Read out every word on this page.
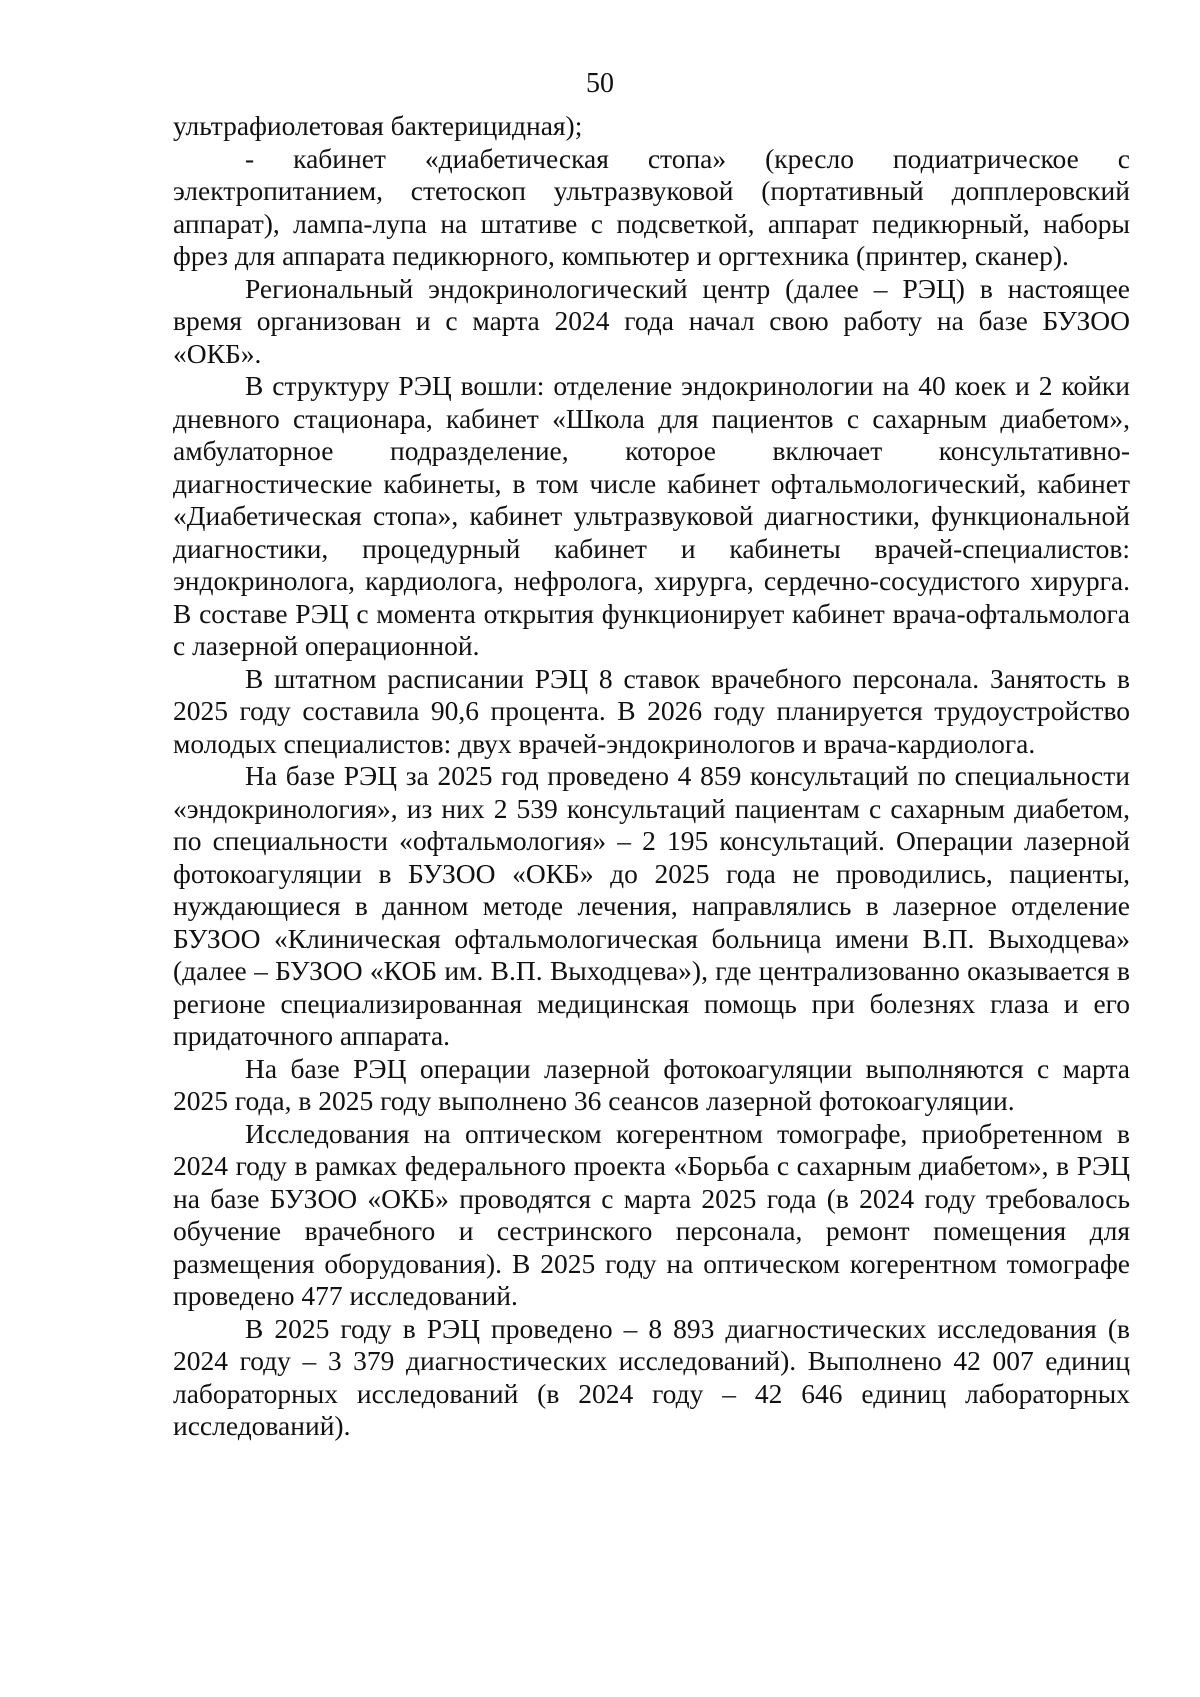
50

ультрафиолетовая бактерицидная);

- кабинет «диабетическая стопа» (кресло подиатрическое с электропитанием, стетоскоп ультразвуковой (портативный допплеровский аппарат), лампа-лупа на штативе с подсветкой, аппарат педикюрный, наборы фрез для аппарата педикюрного, компьютер и оргтехника (принтер, сканер).

Региональный эндокринологический центр (далее – РЭЦ) в настоящее время организован и с марта 2024 года начал свою работу на базе БУЗОО «ОКБ».

В структуру РЭЦ вошли: отделение эндокринологии на 40 коек и 2 койки дневного стационара, кабинет «Школа для пациентов с сахарным диабетом», амбулаторное подразделение, которое включает консультативно-диагностические кабинеты, в том числе кабинет офтальмологический, кабинет «Диабетическая стопа», кабинет ультразвуковой диагностики, функциональной диагностики, процедурный кабинет и кабинеты врачей-специалистов: эндокринолога, кардиолога, нефролога, хирурга, сердечно-сосудистого хирурга. В составе РЭЦ с момента открытия функционирует кабинет врача-офтальмолога с лазерной операционной.

В штатном расписании РЭЦ 8 ставок врачебного персонала. Занятость в 2025 году составила 90,6 процента. В 2026 году планируется трудоустройство молодых специалистов: двух врачей-эндокринологов и врача-кардиолога.

На базе РЭЦ за 2025 год проведено 4 859 консультаций по специальности «эндокринология», из них 2 539 консультаций пациентам с сахарным диабетом, по специальности «офтальмология» – 2 195 консультаций. Операции лазерной фотокоагуляции в БУЗОО «ОКБ» до 2025 года не проводились, пациенты, нуждающиеся в данном методе лечения, направлялись в лазерное отделение БУЗОО «Клиническая офтальмологическая больница имени В.П. Выходцева» (далее – БУЗОО «КОБ им. В.П. Выходцева»), где централизованно оказывается в регионе специализированная медицинская помощь при болезнях глаза и его придаточного аппарата.

На базе РЭЦ операции лазерной фотокоагуляции выполняются с марта 2025 года, в 2025 году выполнено 36 сеансов лазерной фотокоагуляции.

Исследования на оптическом когерентном томографе, приобретенном в 2024 году в рамках федерального проекта «Борьба с сахарным диабетом», в РЭЦ на базе БУЗОО «ОКБ» проводятся с марта 2025 года (в 2024 году требовалось обучение врачебного и сестринского персонала, ремонт помещения для размещения оборудования). В 2025 году на оптическом когерентном томографе проведено 477 исследований.

В 2025 году в РЭЦ проведено – 8 893 диагностических исследования (в 2024 году – 3 379 диагностических исследований). Выполнено 42 007 единиц лабораторных исследований (в 2024 году – 42 646 единиц лабораторных исследований).
